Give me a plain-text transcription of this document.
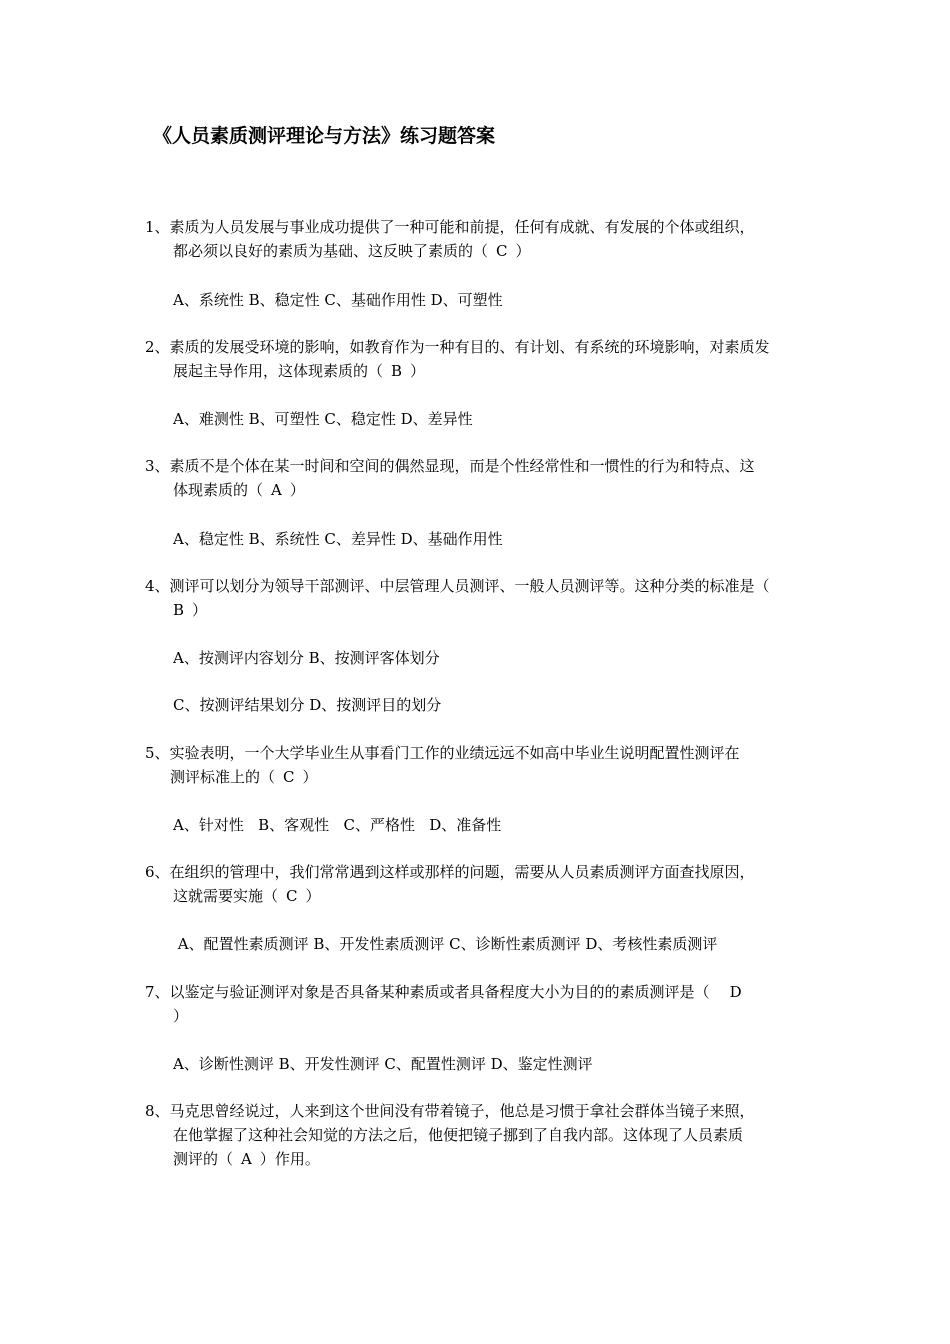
《人员素质测评理论与方法》练习题答案
1、素质为人员发展与事业成功提供了一种可能和前提，任何有成就、有发展的个体或组织，
都必须以良好的素质为基础、这反映了素质的（ C ）
A、系统性 B、稳定性 C、基础作用性 D、可塑性
2、素质的发展受环境的影响，如教育作为一种有目的、有计划、有系统的环境影响，对素质发
展起主导作用，这体现素质的（ B ）
A、难测性 B、可塑性 C、稳定性 D、差异性
3、素质不是个体在某一时间和空间的偶然显现，而是个性经常性和一惯性的行为和特点、这
体现素质的（ A ）
A、稳定性 B、系统性 C、差异性 D、基础作用性
4、测评可以划分为领导干部测评、中层管理人员测评、一般人员测评等。这种分类的标准是（
B ）
A、按测评内容划分 B、按测评客体划分
C、按测评结果划分 D、按测评目的划分
5、实验表明，一个大学毕业生从事看门工作的业绩远远不如高中毕业生说明配置性测评在
测评标准上的（ C ）
A、针对性   B、客观性   C、严格性   D、准备性
6、在组织的管理中，我们常常遇到这样或那样的问题，需要从人员素质测评方面查找原因，
这就需要实施（ C ）
A、配置性素质测评 B、开发性素质测评 C、诊断性素质测评 D、考核性素质测评
7、以鉴定与验证测评对象是否具备某种素质或者具备程度大小为目的的素质测评是（ D
）
A、诊断性测评 B、开发性测评 C、配置性测评 D、鉴定性测评
8、马克思曾经说过，人来到这个世间没有带着镜子，他总是习惯于拿社会群体当镜子来照，
在他掌握了这种社会知觉的方法之后，他便把镜子挪到了自我内部。这体现了人员素质
测评的（ A ）作用。
